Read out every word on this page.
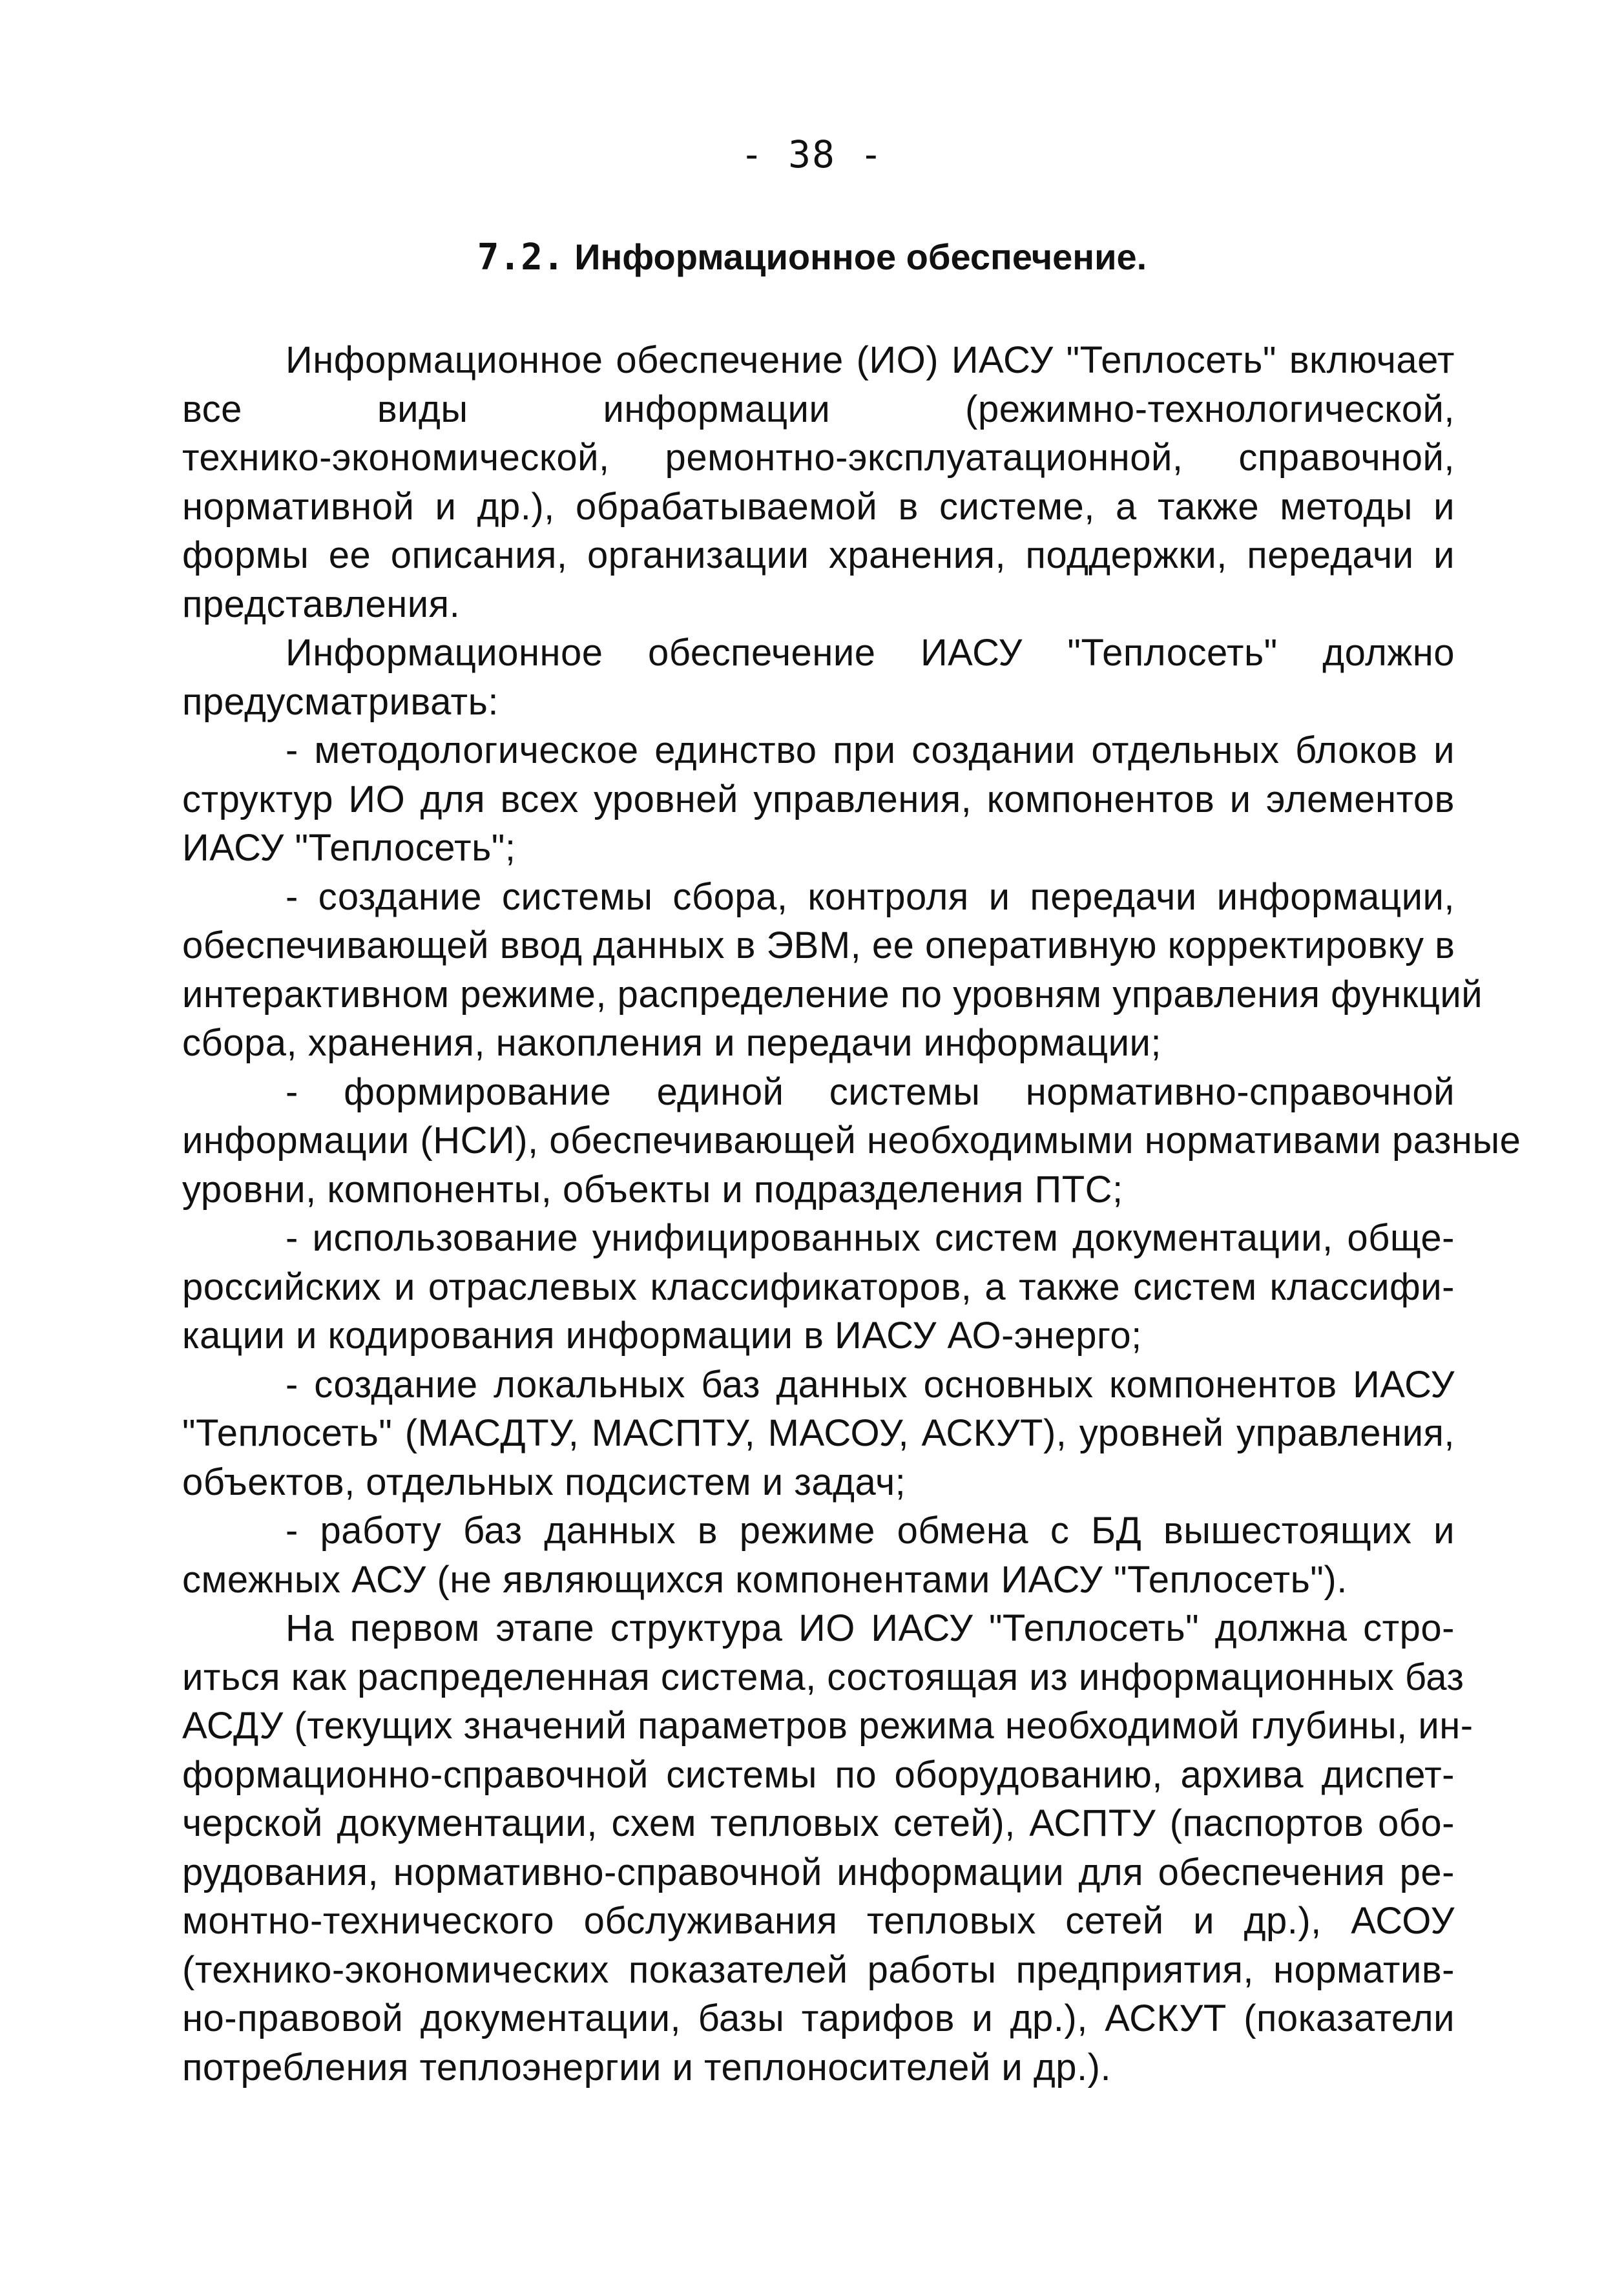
- 38 -
7.2. Информационное обеспечение.
Информационное обеспечение (ИО) ИАСУ "Теплосеть" включает
все виды информации (режимно-технологической,
технико-экономической, ремонтно-эксплуатационной, справочной,
нормативной и др.), обрабатываемой в системе, а также методы и
формы ее описания, организации хранения, поддержки, передачи и
представления.
Информационное обеспечение ИАСУ "Теплосеть" должно
предусматривать:
- методологическое единство при создании отдельных блоков и
структур ИО для всех уровней управления, компонентов и элементов
ИАСУ "Теплосеть";
- создание системы сбора, контроля и передачи информации,
обеспечивающей ввод данных в ЭВМ, ее оперативную корректировку в
интерактивном режиме, распределение по уровням управления функций
сбора, хранения, накопления и передачи информации;
- формирование единой системы нормативно-справочной
информации (НСИ), обеспечивающей необходимыми нормативами разные
уровни, компоненты, объекты и подразделения ПТС;
- использование унифицированных систем документации, обще-
российских и отраслевых классификаторов, а также систем классифи-
кации и кодирования информации в ИАСУ АО-энерго;
- создание локальных баз данных основных компонентов ИАСУ
"Теплосеть" (МАСДТУ, МАСПТУ, МАСОУ, АСКУТ), уровней управления,
объектов, отдельных подсистем и задач;
- работу баз данных в режиме обмена с БД вышестоящих и
смежных АСУ (не являющихся компонентами ИАСУ "Теплосеть").
На первом этапе структура ИО ИАСУ "Теплосеть" должна стро-
иться как распределенная система, состоящая из информационных баз
АСДУ (текущих значений параметров режима необходимой глубины, ин-
формационно-справочной системы по оборудованию, архива диспет-
черской документации, схем тепловых сетей), АСПТУ (паспортов обо-
рудования, нормативно-справочной информации для обеспечения ре-
монтно-технического обслуживания тепловых сетей и др.), АСОУ
(технико-экономических показателей работы предприятия, норматив-
но-правовой документации, базы тарифов и др.), АСКУТ (показатели
потребления теплоэнергии и теплоносителей и др.).
